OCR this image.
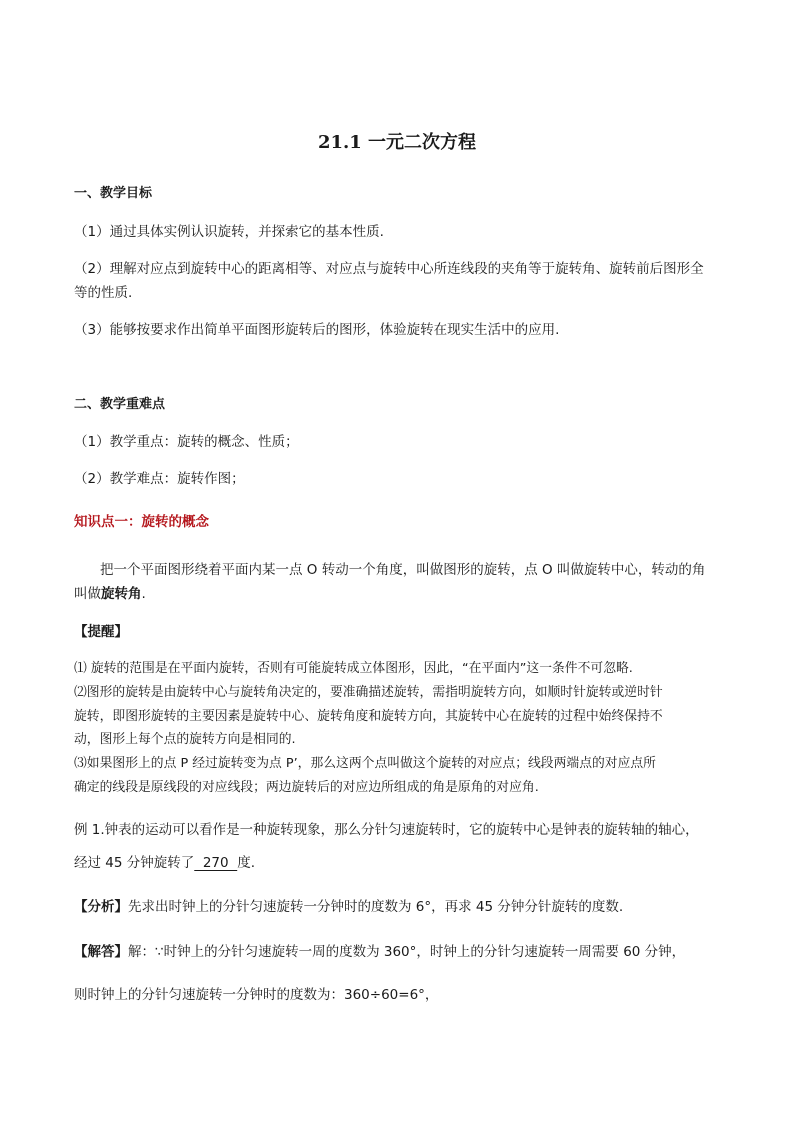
21.1 一元二次方程
一、教学目标
（1）通过具体实例认识旋转，并探索它的基本性质.
（2）理解对应点到旋转中心的距离相等、对应点与旋转中心所连线段的夹角等于旋转角、旋转前后图形全
等的性质.
（3）能够按要求作出简单平面图形旋转后的图形，体验旋转在现实生活中的应用.
二、教学重难点
（1）教学重点：旋转的概念、性质；
（2）教学难点：旋转作图；
知识点一：旋转的概念
把一个平面图形绕着平面内某一点 O 转动一个角度，叫做图形的旋转，点 O 叫做旋转中心，转动的角
叫做旋转角.
【提醒】
⑴ 旋转的范围是在平面内旋转，否则有可能旋转成立体图形，因此，“在平面内”这一条件不可忽略.
⑵图形的旋转是由旋转中心与旋转角决定的，要准确描述旋转，需指明旋转方向，如顺时针旋转或逆时针
旋转，即图形旋转的主要因素是旋转中心、旋转角度和旋转方向，其旋转中心在旋转的过程中始终保持不
动，图形上每个点的旋转方向是相同的.
⑶如果图形上的点 P 经过旋转变为点 P’，那么这两个点叫做这个旋转的对应点；线段两端点的对应点所
确定的线段是原线段的对应线段；两边旋转后的对应边所组成的角是原角的对应角.
例 1.钟表的运动可以看作是一种旋转现象，那么分针匀速旋转时，它的旋转中心是钟表的旋转轴的轴心，
经过 45 分钟旋转了  270  度.
【分析】先求出时钟上的分针匀速旋转一分钟时的度数为 6°，再求 45 分钟分针旋转的度数.
【解答】解：∵时钟上的分针匀速旋转一周的度数为 360°，时钟上的分针匀速旋转一周需要 60 分钟，
则时钟上的分针匀速旋转一分钟时的度数为：360÷60=6°，
